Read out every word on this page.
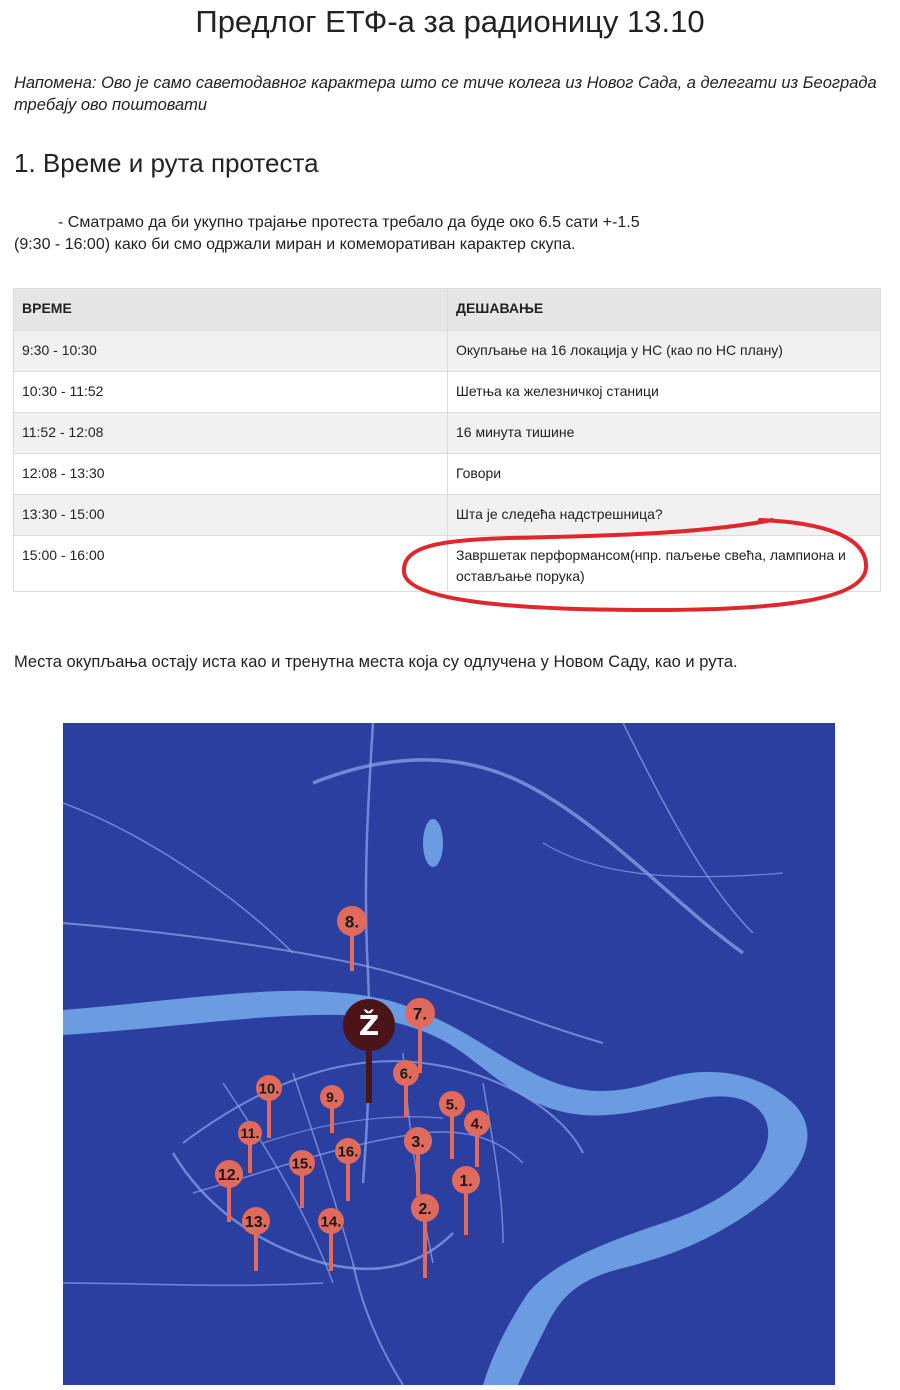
Предлог ЕТФ-а за радионицу 13.10
Напомена: Ово је само саветодавног карактера што се тиче колега из Новог Сада, а делегати из Београда требају ово поштовати
1. Време и рута протеста
- Сматрамо да би укупно трајање протеста требало да буде око 6.5 сати +-1.5
(9:30 - 16:00) како би смо одржали миран и комеморативан карактер скупа.
ВРЕМЕ	ДЕШАВАЊЕ
9:30 - 10:30	Окупљање на 16 локација у НС (као по НС плану)
10:30 - 11:52	Шетња ка железничкој станици
11:52 - 12:08	16 минута тишине
12:08 - 13:30	Говори
13:30 - 15:00	Шта је следећа надстрешница?
15:00 - 16:00	Завршетак перформансом(нпр. паљење свећа, лампиона и остављање порука)
Места окупљања остају иста као и тренутна места која су одлучена у Новом Саду, као и рута.
1.
2.
3.
4.
5.
6.
7.
8.
9.
10.
11.
12.
13.	14.
15.
16.
Ž
